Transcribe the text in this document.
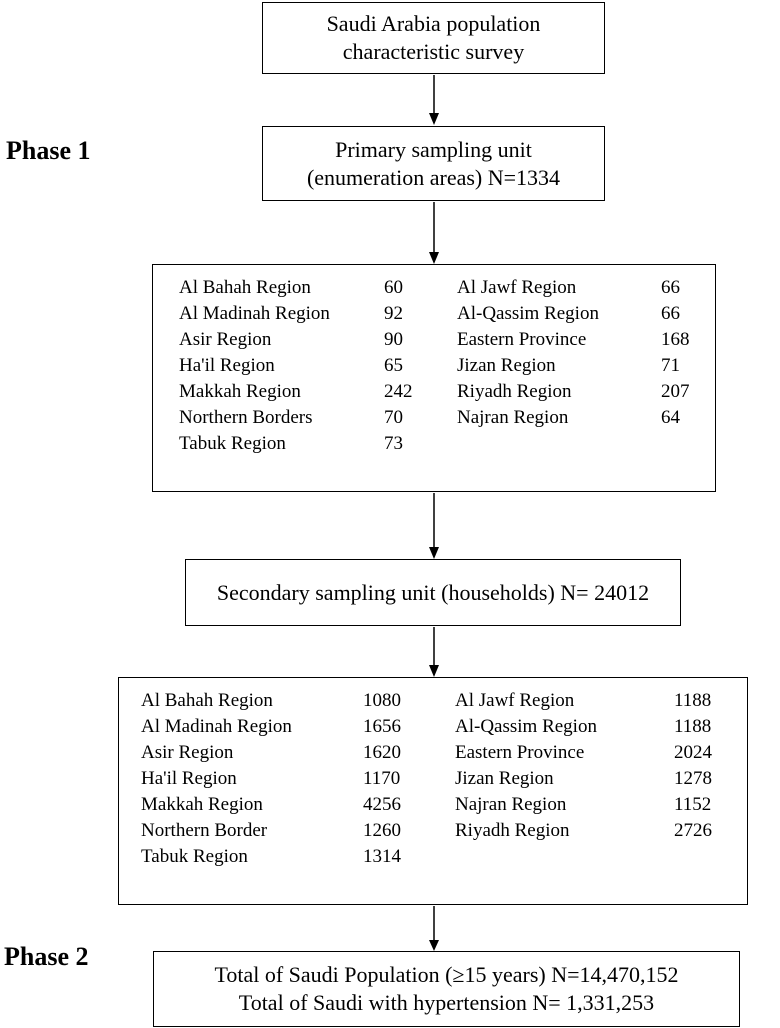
Phase 1
Phase 2
Saudi Arabia population
characteristic survey
Primary sampling unit
(enumeration areas) N=1334
Al Bahah Region	60
Al Madinah Region	92
Asir Region	90
Ha'il Region	65
Makkah Region	242
Northern Borders	70
Tabuk Region	73
Al Jawf Region	66
Al-Qassim Region	66
Eastern Province	168
Jizan Region	71
Riyadh Region	207
Najran Region	64
Secondary sampling unit (households) N= 24012
Al Bahah Region	1080
Al Madinah Region	1656
Asir Region	1620
Ha'il Region	1170
Makkah Region	4256
Northern Border	1260
Tabuk Region	1314
Al Jawf Region	1188
Al-Qassim Region	1188
Eastern Province	2024
Jizan Region	1278
Najran Region	1152
Riyadh Region	2726
Total of Saudi Population (≥15 years) N=14,470,152
Total of Saudi with hypertension N= 1,331,253
